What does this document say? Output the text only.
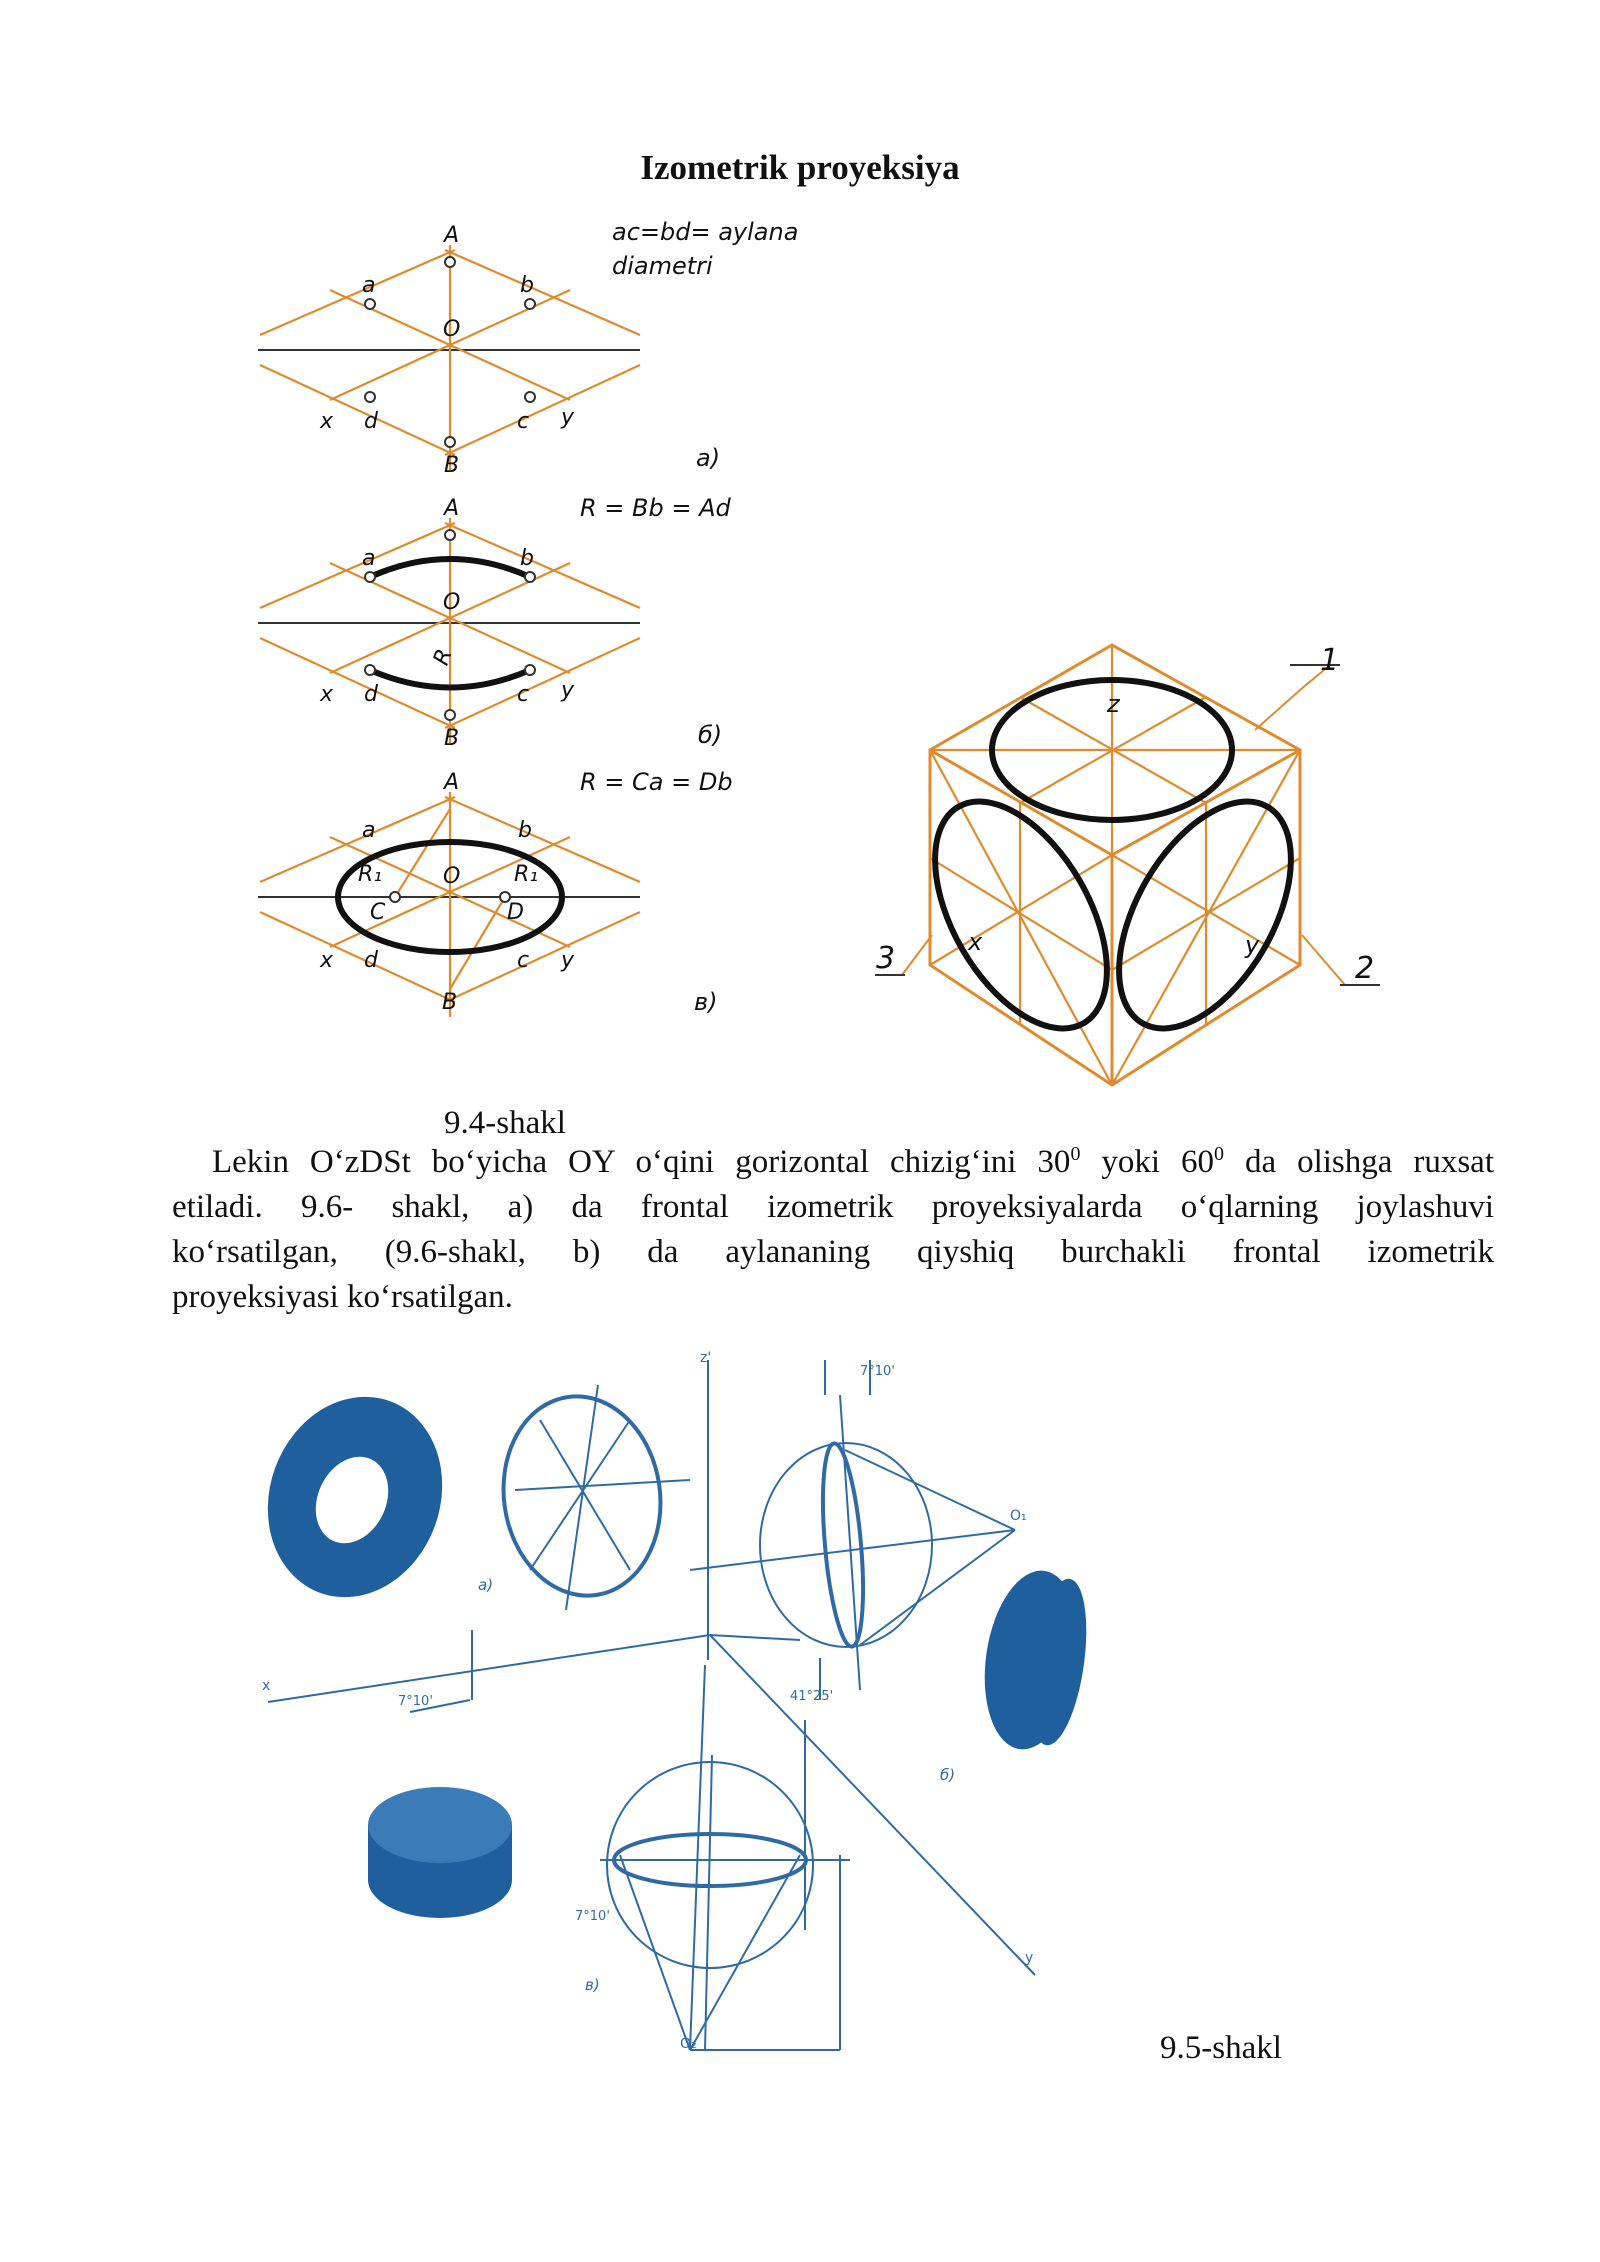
Izometrik proyeksiya
A
a	b
O
x d	c y
B
ac=bd= aylana
diametri
a)
A
a	b
O
R
x d	c y
B
R = Bb = Ad
б)
A
a	b
O
R₁	R₁
C	D
x d	c y
B
R = Ca = Db
в)
z
x	y
1
2
3
9.4-shakl
Lekin O‘zDSt bo‘yicha OY o‘qini gorizontal chizig‘ini $30^0$ yoki $60^0$ da olishga ruxsat
etiladi. 9.6- shakl, a) da frontal izometrik proyeksiyalarda o‘qlarning joylashuvi
ko‘rsatilgan, (9.6-shakl, b) da aylananing qiyshiq burchakli frontal izometrik
proyeksiyasi ko‘rsatilgan.
7°10'
7°10'	41°25'
7°10'
z'
x
y
O₁
O₂
a)
б)
в)
9.5-shakl
